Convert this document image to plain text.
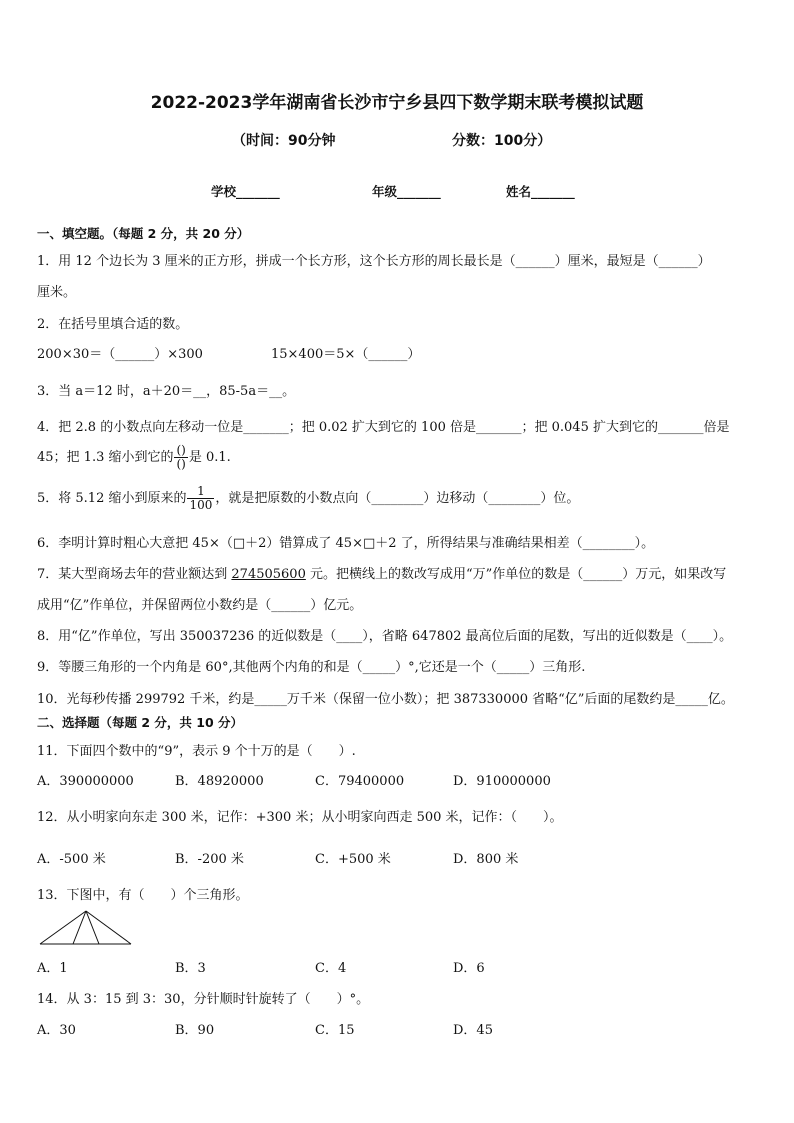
2022-2023学年湖南省长沙市宁乡县四下数学期末联考模拟试题
（时间：90分钟	分数：100分）
学校_______	年级_______	姓名_______
一、填空题。（每题 2 分，共 20 分）
1．用 12 个边长为 3 厘米的正方形，拼成一个长方形，这个长方形的周长最长是（______）厘米，最短是（______）
厘米。
2．在括号里填合适的数。
200×30＝（______）×300	15×400＝5×（______）
3．当 a＝12 时，a＋20＝__，85-5a＝__。
4．把 2.8 的小数点向左移动一位是_______；把 0.02 扩大到它的 100 倍是_______；把 0.045 扩大到它的_______倍是
45；把 1.3 缩小到它的 $\frac{()}{()}$ 是 0.1.
5．将 5.12 缩小到原来的 $\frac{1}{100}$ ，就是把原数的小数点向（________）边移动（________）位。
6．李明计算时粗心大意把 45×（□＋2）错算成了 45×□＋2 了，所得结果与准确结果相差（________）。
7．某大型商场去年的营业额达到 274505600 元。把横线上的数改写成用“万”作单位的数是（______）万元，如果改写
成用“亿”作单位，并保留两位小数约是（______）亿元。
8．用“亿”作单位，写出 350037236 的近似数是（____），省略 647802 最高位后面的尾数，写出的近似数是（____）。
9．等腰三角形的一个内角是 60°,其他两个内角的和是（_____）°,它还是一个（_____）三角形.
10．光每秒传播 299792 千米，约是_____万千米（保留一位小数）；把 387330000 省略“亿”后面的尾数约是_____亿。
二、选择题（每题 2 分，共 10 分）
11．下面四个数中的“9”，表示 9 个十万的是（　　）.
A．390000000	B．48920000	C．79400000	D．910000000
12．从小明家向东走 300 米，记作：+300 米；从小明家向西走 500 米，记作：（　　）。
A．-500 米	B．-200 米	C．+500 米	D．800 米
13．下图中，有（　　）个三角形。
A．1	B．3	C．4	D．6
14．从 3：15 到 3：30，分针顺时针旋转了（　　）°。
A．30	B．90	C．15	D．45
